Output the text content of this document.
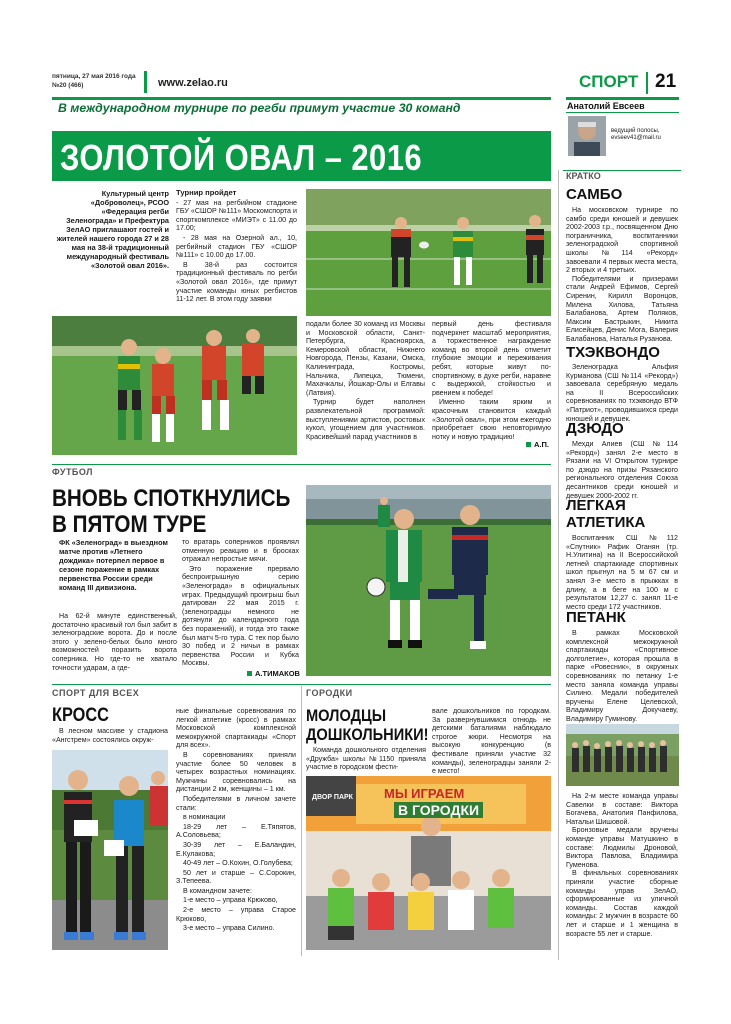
пятница, 27 мая 2016 года
№20 (466)	www.zelao.ru	СПОРТ 21
Анатолий Евсеев
ведущий полосы,
evseev41@mail.ru
КРАТКО
САМБО

На московском турнире по самбо среди юношей и девушек 2002-2003 г.р., посвященном Дню пограничника, воспитанники зеленоградской спортивной школы №114 «Рекорд» завоевали 4 первых места места, 2 вторых и 4 третьих.

Победителями и призерами стали Андрей Ефимов, Сергей Сиренин, Кирилл Воронцов, Милена Хилова, Татьяна Балабанова, Артем Поляков, Максим Бастрыкин, Никита Елисейцев, Денис Мога, Валерия Балабанова, Наталья Рузанова.

ТХЭКВОНДО

Зеленоградка Альфия Курманова (СШ №114 «Рекорд») завоевала серебряную медаль на II Всероссийских соревнованиях по тхэквондо ВТФ «Патриот», проводившихся среди юношей и девушек.

ДЗЮДО

Мехди Алиев (СШ №114 «Рекорд») занял 2-е место в Рязани на VI Открытом турнире по дзюдо на призы Рязанского регионального отделения Союза десантников среди юношей и девушек 2000-2002 гг.

ЛЕГКАЯ АТЛЕТИКА

Воспитанник СШ №112 «Спутник» Рафик Оганян (тр. Н.Улитина) на II Всероссийской летней спартакиаде спортивных школ прыгнул на 5 м 67 см и занял 3-е место в прыжках в длину, а в беге на 100 м с результатом 12,27 с. занял 11-е место среди 172 участников.

ПЕТАНК

В рамках Московской комплексной межокружной спартакиады «Спортивное долголетие», которая прошла в парке «Ровесник», в окружных соревнованиях по петанку 1-е место заняла команда управы Силино. Медали победителей вручены Елене Целевской, Владимиру Докучаеву, Владимиру Гуминову.

На 2-м месте команда управы Савелки в составе: Виктора Богачева, Анатолия Панфилова, Натальи Шишовой.

Бронзовые медали вручены команде управы Матушкино в составе: Людмилы Дроновой, Виктора Павлова, Владимира Гуменова.

В финальных соревнованиях приняли участие сборные команды управ ЗелАО, сформированные из уличной команды. Состав каждой команды: 2 мужчин в возрасте 60 лет и старше и 1 женщина в возрасте 55 лет и старше.

В международном турнире по регби примут участие 30 команд
ЗОЛОТОЙ ОВАЛ – 2016
Культурный центр «Доброволец», РСОО «Федерация регби Зеленограда» и Префектура ЗелАО приглашают гостей и жителей нашего города 27 и 28 мая на 38-й традиционный международный фестиваль «Золотой овал 2016».

Турнир пройдет

- 27 мая на регбийном стадионе ГБУ «СШОР №111» Москомспорта и спорткомплексе «МИЭТ» с 11.00 до 17.00;

- 28 мая на Озерной ал., 10, регбийный стадион ГБУ «СШОР №111» с 10.00 до 17.00.

В 38-й раз состоится традиционный фестиваль по регби «Золотой овал 2016», где примут участие команды юных регбистов 11-12 лет. В этом году заявки

подали более 30 команд из Москвы и Московской области, Санкт-Петербурга, Красноярска, Кемеровской области, Нижнего Новгорода, Пензы, Казани, Омска, Калининграда, Костромы, Нальчика, Липецка, Тюмени, Махачкалы, Йошкар-Олы и Елгавы (Латвия).

Турнир будет наполнен развлекательной программой: выступлениями артистов, ростовых кукол, угощением для участников. Красивейший парад участников в

первый день фестиваля подчеркнет масштаб мероприятия, а торжественное награждение команд во второй день отметит глубокие эмоции и переживания ребят, которые живут по-спортивному, в духе регби, наравне с выдержкой, стойкостью и рвением к победе!

Именно таким ярким и красочным становится каждый «Золотой овал», при этом ежегодно приобретает свою неповторимую нотку и новую традицию!

А.П.
ФУТБОЛ
ВНОВЬ СПОТКНУЛИСЬ
В ПЯТОМ ТУРЕ
ФК «Зеленоград» в выездном матче против «Летнего дождика» потерпел первое в сезоне поражение в рамках первенства России среди команд III дивизиона.

На 62-й минуте единственный, достаточно красивый гол был забит в зеленоградские ворота. До и после этого у зелено-белых было много возможностей поразить ворота соперника. Но где-то не хватало точности ударам, а где-

то вратарь соперников проявлял отменную реакцию и в бросках отражал непростые мячи.

Это поражение прервало беспроигрышную серию «Зеленограда» в официальных играх. Предыдущий проигрыш был датирован 22 мая 2015 г. (зеленоградцы немного не дотянули до календарного года без поражений), и тогда это также был матч 5-го тура. С тех пор было 30 побед и 2 ничьи в рамках первенства России и Кубка Москвы.

А.ТИМАКОВ
СПОРТ ДЛЯ ВСЕХ
КРОСС

В лесном массиве у стадиона «Ангстрем» состоялись окруж-

ные финальные соревнования по легкой атлетике (кросс) в рамках Московской комплексной межокружной спартакиады «Спорт для всех».

В соревнованиях приняли участие более 50 человек в четырех возрастных номинациях. Мужчины соревновались на дистанции 2 км, женщины – 1 км.

Победителями в личном зачете стали:

в номинации

18-29 лет – Е.Тяпятов, А.Соловьева;

30-39 лет – Е.Баландин, Е.Кулакова;

40-49 лет – О.Кохин, О.Голубева;

50 лет и старше – С.Сорокин, З.Тепеева.

В командном зачете:

1-е место – управа Крюково,

2-е место – управа Старое Крюково,

3-е место – управа Силино.

ГОРОДКИ
МОЛОДЦЫ
ДОШКОЛЬНИКИ!

Команда дошкольного отделения «Дружба» школы №1150 приняла участие в городском фести-

вале дошкольников по городкам. За развернувшимися отнюдь не детскими баталиями наблюдало строгое жюри. Несмотря на высокую конкуренцию (в фестивале приняли участие 32 команды), зеленоградцы заняли 2-е место!

ДВОР ПАРК МЫ ИГРАЕМ
В ГОРОДКИ
